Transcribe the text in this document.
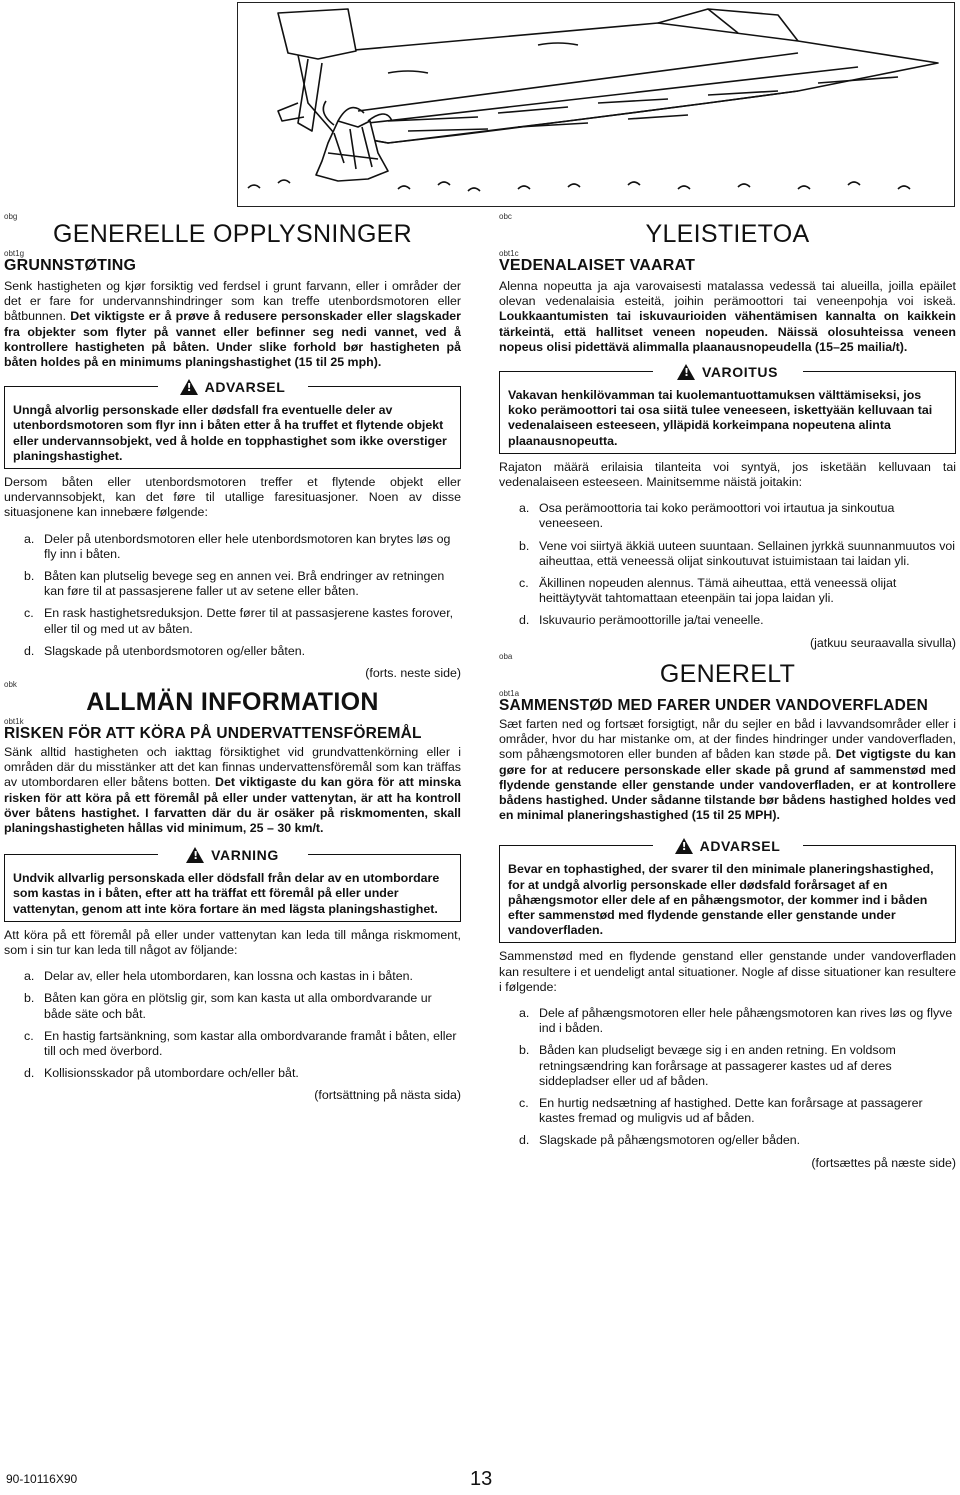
obg
GENERELLE OPPLYSNINGER
obt1g
GRUNNSTØTING

Senk hastigheten og kjør forsiktig ved ferdsel i grunt farvann, eller i områder der det er fare for undervannshindringer som kan treffe utenbordsmotoren eller båtbunnen. Det viktigste er å prøve å redusere personskader eller slagskader fra objekter som flyter på vannet eller befinner seg nedi vannet, ved å kontrollere hastigheten på båten. Under slike forhold bør hastigheten på båten holdes på en minimums planingshastighet (15 til 25 mph).

!
ADVARSEL

Unngå alvorlig personskade eller dødsfall fra eventuelle deler av utenbordsmotoren som flyr inn i båten etter å ha truffet et flytende objekt eller undervannsobjekt, ved å holde en topphastighet som ikke overstiger planingshastighet.

Dersom båten eller utenbordsmotoren treffer et flytende objekt eller undervannsobjekt, kan det føre til utallige faresituasjoner. Noen av disse situasjonene kan innebære følgende:

a. Deler på utenbordsmotoren eller hele utenbordsmotoren kan brytes løs og fly inn i båten.
b. Båten kan plutselig bevege seg en annen vei. Brå endringer av retningen kan føre til at passasjerene faller ut av setene eller båten.
c. En rask hastighetsreduksjon. Dette fører til at passasjerene kastes forover, eller til og med ut av båten.
d. Slagskade på utenbordsmotoren og/eller båten.

(forts. neste side)

obk
ALLMÄN INFORMATION
obt1k
RISKEN FÖR ATT KÖRA PÅ UNDERVATTENSFÖREMÅL

Sänk alltid hastigheten och iakttag försiktighet vid grundvattenkörning eller i områden där du misstänker att det kan finnas undervattensföremål som kan träffas av utombordaren eller båtens botten. Det viktigaste du kan göra för att minska risken för att köra på ett föremål på eller under vattenytan, är att ha kontroll över båtens hastighet. I farvatten där du är osäker på riskmomenten, skall planingshastigheten hållas vid minimum, 25 – 30 km/t.

!
VARNING

Undvik allvarlig personskada eller dödsfall från delar av en utombordare som kastas in i båten, efter att ha träffat ett föremål på eller under vattenytan, genom att inte köra fortare än med lägsta planingshastighet.

Att köra på ett föremål på eller under vattenytan kan leda till många riskmoment, som i sin tur kan leda till något av följande:

a. Delar av, eller hela utombordaren, kan lossna och kastas in i båten.
b. Båten kan göra en plötslig gir, som kan kasta ut alla ombordvarande ur både säte och båt.
c. En hastig fartsänkning, som kastar alla ombordvarande framåt i båten, eller till och med överbord.
d. Kollisionsskador på utombordare och/eller båt.

(fortsättning på nästa sida)

obc
YLEISTIETOA
obt1c
VEDENALAISET VAARAT

Alenna nopeutta ja aja varovaisesti matalassa vedessä tai alueilla, joilla epäilet olevan vedenalaisia esteitä, joihin perämoottori tai veneenpohja voi iskeä. Loukkaantumisten tai iskuvaurioiden vähentämisen kannalta on kaikkein tärkeintä, että hallitset veneen nopeuden. Näissä olosuhteissa veneen nopeus olisi pidettävä alimmalla plaanausnopeudella (15–25 mailia/t).

!
VAROITUS

Vakavan henkilövamman tai kuolemantuottamuksen välttämiseksi, jos koko perämoottori tai osa siitä tulee veneeseen, iskettyään kelluvaan tai vedenalaiseen esteeseen, ylläpidä korkeimpana nopeutena alinta plaanausnopeutta.

Rajaton määrä erilaisia tilanteita voi syntyä, jos isketään kelluvaan tai vedenalaiseen esteeseen. Mainitsemme näistä joitakin:

a. Osa perämoottoria tai koko perämoottori voi irtautua ja sinkoutua veneeseen.
b. Vene voi siirtyä äkkiä uuteen suuntaan. Sellainen jyrkkä suunnanmuutos voi aiheuttaa, että veneessä olijat sinkoutuvat istuimistaan tai laidan yli.
c. Äkillinen nopeuden alennus. Tämä aiheuttaa, että veneessä olijat heittäytyvät tahtomattaan eteenpäin tai jopa laidan yli.
d. Iskuvaurio perämoottorille ja/tai veneelle.

(jatkuu seuraavalla sivulla)

oba
GENERELT
obt1a
SAMMENSTØD MED FARER UNDER VANDOVERFLADEN

Sæt farten ned og fortsæt forsigtigt, når du sejler en båd i lavvandsområder eller i områder, hvor du har mistanke om, at der findes hindringer under vandoverfladen, som påhængsmotoren eller bunden af båden kan støde på. Det vigtigste du kan gøre for at reducere personskade eller skade på grund af sammenstød med flydende genstande eller genstande under vandoverfladen, er at kontrollere bådens hastighed. Under sådanne tilstande bør bådens hastighed holdes ved en minimal planeringshastighed (15 til 25 MPH).

!
ADVARSEL

Bevar en tophastighed, der svarer til den minimale planeringshastighed, for at undgå alvorlig personskade eller dødsfald forårsaget af en påhængsmotor eller dele af en påhængsmotor, der kommer ind i båden efter sammenstød med flydende genstande eller genstande under vandoverfladen.

Sammenstød med en flydende genstand eller genstande under vandoverfladen kan resultere i et uendeligt antal situationer. Nogle af disse situationer kan resultere i følgende:

a. Dele af påhængsmotoren eller hele påhængsmotoren kan rives løs og flyve ind i båden.
b. Båden kan pludseligt bevæge sig i en anden retning. En voldsom retningsændring kan forårsage at passagerer kastes ud af deres siddepladser eller ud af båden.
c. En hurtig nedsætning af hastighed. Dette kan forårsage at passagerer kastes fremad og muligvis ud af båden.
d. Slagskade på påhængsmotoren og/eller båden.

(fortsættes på næste side)

90-10116X90	13
